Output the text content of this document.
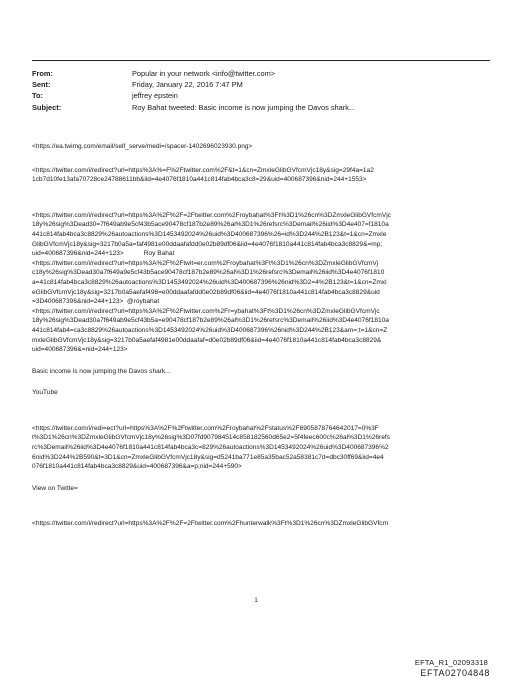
From:	Popular in your network <info@twitter.com>
Sent:	Friday, January 22, 2016 7:47 PM
To:	jeffrey epstein
Subject:	Roy Bahat tweeted: Basic income is now jumping the Davos shark...

<https://ea.twimg.com/email/self_serve/medi=/spacer-1402696023930.png>

<https://twitter.com/i/redirect?url=https%3A%=F%2Ftwitter.com%2F&t=1&cn=ZmxleGlibGVfcmVjc18y&sig=29f4a=1a2
1cb7d10fe13afa70728ce24788611bb&iid=4e4076f1810a441c814fab4bca3c8=29&uid=400687396&nid=244+1553>

<https://twitter.com/i/redirect?url=https%3A%2F%2F=2Ftwitter.com%2Froybahat%3Ft%3D1%26cn%3DZmxleGlibGVfcmVjc
18y%26sig%3Dead30=7f649ab9e5cf43b5ace90478cf187b2e89%26al%3D1%26refsrc%3Demail%26iid%3D4e407=f1810a
441c814fab4bca3c8829%26autoactions%3D1453492024%26uid%3D400687396%26=id%3D244%2B123&t=1&cn=Zmxle
GlibGVfcmVjc18y&sig=3217b0a5a=faf4981e00ddaafafdd0e02b89df06&iid=4e4076f1810a441c814fab4bca3c8829&=mp;
uid=400687396&nid=244+123>           Roy Bahat
<https://twitter.com/i/redirect?url=https%3A%2F%2Ftwit=er.com%2Froybahat%3Ft%3D1%26cn%3DZmxleGlibGVfcmVj
c18y%26sig%3Dead30a7f649a9e5cf43b5ace90478cf187b2e89%26al%3D1%26refsrc%3Demail%26iid%3D4e4076f1810
a=41c814fab4bca3c8829%26autoactions%3D1453492024%26uid%3D400687396%26nid%3D2=4%2B123&t=1&cn=Zmxl
eGlibGVfcmVjc18y&sig=3217b0a5aefaf498=e00ddaafafdd0e02b89df06&iid=4e4076f1810a441c814fab4bca3c8829&uid
=3D400687396&nid=244+123>  @roybahat
<https://twitter.com/i/redirect?url=https%3A%2F%2Ftwitter.com%2Fr=ybahat%3Ft%3D1%26cn%3DZmxleGlibGVfcmVjc
18y%26sig%3Dead30a7f649ab9e5cf43b5a=e90478cf187b2e89%26al%3D1%26refsrc%3Demail%26iid%3D4e4076f1810a
441c814fab4=ca3c8829%26autoactions%3D1453492024%26uid%3D400687396%26nid%3D244%2B123&am=;t=1&cn=Z
mxleGlibGVfcmVjc18y&sig=3217b0a5aefaf4981e00ddaafaf=d0e02b89df06&iid=4e4076f1810a441c814fab4bca3c8829&
uid=400687396&=nid=244+123>

Basic income is now jumping the Davos shark...

YouTube

<https://twitter.com/i/redi=ect?url=https%3A%2F%2Ftwitter.com%2Froybahat%2Fstatus%2F6905878764642017=0%3F
t%3D1%26cn%3DZmxleGlibGVfcmVjc18y%26sig%3D07fd907984514c858182560d65e2=5f4feec600c%26al%3D1%26refs
rc%3Demail%26iid%3D4e4076f1810a441c814fab4bca3c=829%26autoactions%3D1453492024%26uid%3D400687396%2
6nid%3D244%2B590&t=3D1&cn=ZmxleGlibGVfcmVjc18y&sig=d5241ba771e85a35bac52a58381c7d=dbc30ff69&iid=4e4
076f1810a441c814fab4bca3c8829&uid=400687396&a=p;nid=244+590>

View on Twitte=

<https://twitter.com/i/redirect?url=https%3A%2F%2F=2Ftwitter.com%2Fhunterwalk%3Ft%3D1%26cn%3DZmxleGlibGVfcm

1
EFTA_R1_02093318
EFTA02704848
